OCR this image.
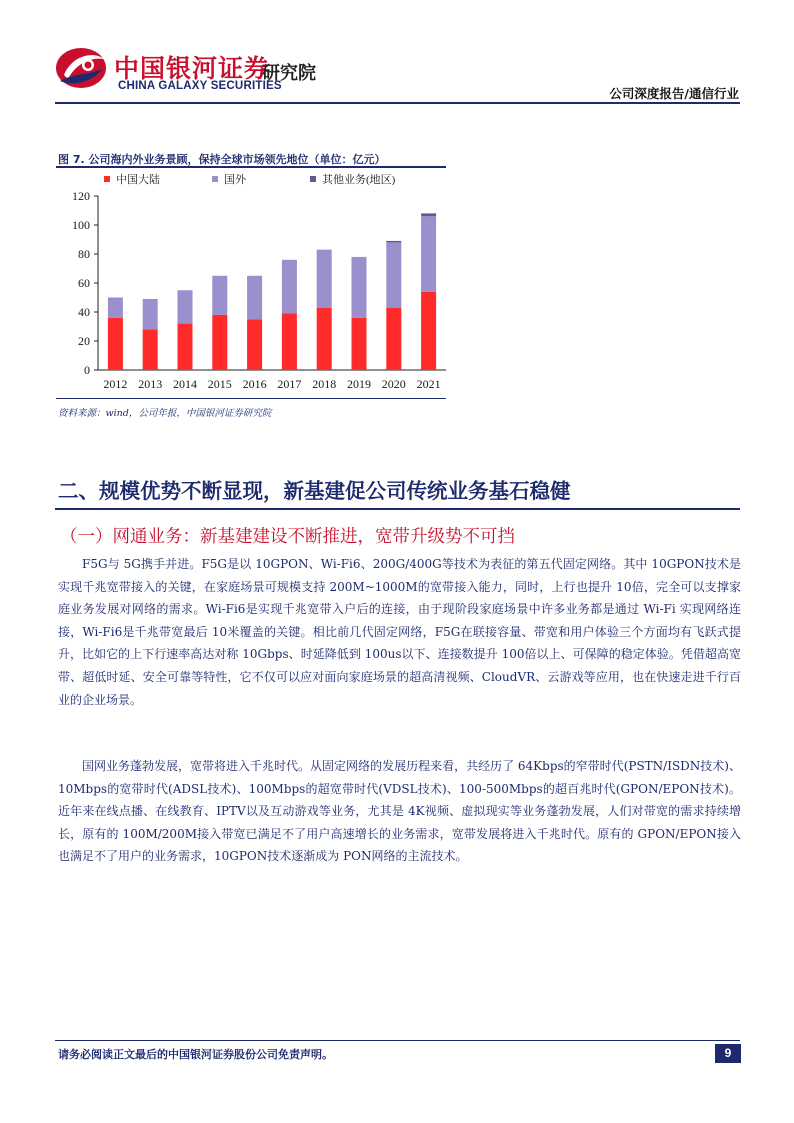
中国银河证券
CHINA GALAXY SECURITIES
研究院
公司深度报告/通信行业
图 7. 公司海内外业务景顾，保持全球市场领先地位（单位：亿元）
中国大陆	国外	其他业务(地区)
0
20
40
60
80
100
120
2012 2013 2014 2015 2016 2017 2018 2019 2020 2021
资料来源：wind，公司年报，中国银河证券研究院
二、规模优势不断显现，新基建促公司传统业务基石稳健
（一）网通业务：新基建建设不断推进，宽带升级势不可挡

F5G与 5G携手并进。F5G是以 10GPON、Wi-Fi6、200G/400G等技术为表征的第五代固定网络。其中 10GPON技术是实现千兆宽带接入的关键，在家庭场景可规模支持 200M~1000M的宽带接入能力，同时，上行也提升 10倍，完全可以支撑家庭业务发展对网络的需求。Wi-Fi6是实现千兆宽带入户后的连接，由于现阶段家庭场景中许多业务都是通过 Wi-Fi 实现网络连接，Wi-Fi6是千兆带宽最后 10米覆盖的关键。相比前几代固定网络，F5G在联接容量、带宽和用户体验三个方面均有飞跃式提升，比如它的上下行速率高达对称 10Gbps、时延降低到 100us以下、连接数提升 100倍以上、可保障的稳定体验。凭借超高宽带、超低时延、安全可靠等特性，它不仅可以应对面向家庭场景的超高清视频、CloudVR、云游戏等应用，也在快速走进千行百业的企业场景。

国网业务蓬勃发展，宽带将进入千兆时代。从固定网络的发展历程来看，共经历了 64Kbps的窄带时代(PSTN/ISDN技术)、10Mbps的宽带时代(ADSL技术)、100Mbps的超宽带时代(VDSL技术)、100-500Mbps的超百兆时代(GPON/EPON技术)。近年来在线点播、在线教育、IPTV以及互动游戏等业务，尤其是 4K视频、虚拟现实等业务蓬勃发展，人们对带宽的需求持续增长，原有的 100M/200M接入带宽已满足不了用户高速增长的业务需求，宽带发展将进入千兆时代。原有的 GPON/EPON接入也满足不了用户的业务需求，10GPON技术逐渐成为 PON网络的主流技术。

请务必阅读正文最后的中国银河证券股份公司免责声明。	9
